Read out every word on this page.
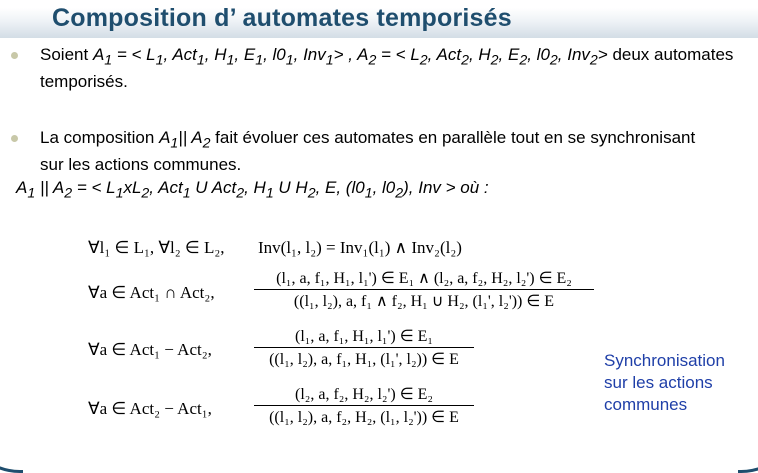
Composition d’ automates temporisés
Soient $A_1$ = < $L_1$, Act$_1$, $H_1$, $E_1$, $l0_1$, Inv$_1$> , $A_2$ = < $L_2$, Act$_2$, $H_2$, $E_2$, $l0_2$, Inv$_2$> deux automates temporisés.
La composition $A_1||$ $A_2$ fait évoluer ces automates en parallèle tout en se synchronisant sur les actions communes.
$A_1$ || $A_2$ = < $L_1xL_2$, Act$_1$ U Act$_2$, $H_1$ U $H_2$, E, ($l0_1$, $l0_2$), Inv > où :
∀l₁ ∈ L₁, ∀l₂ ∈ L₂, Inv(l₁, l₂) = Inv₁(l₁) ∧ Inv₂(l₂)
∀a ∈ Act₁ ∩ Act₂, $\frac{\text{(l₁, a, f₁, H₁, l₁') ∈ E₁ ∧ (l₂, a, f₂, H₂, l₂') ∈ E₂}}{\text{((l₁, l₂), a, f₁ ∧ f₂, H₁ ∪ H₂, (l₁', l₂')) ∈ E}}$
∀a ∈ Act₁ − Act₂,	$\frac{\text{(l₁, a, f₁, H₁, l₁') ∈ E₁}}{\text{((l₁, l₂), a, f₁, H₁, (l₁', l₂)) ∈ E}}$
∀a ∈ Act₂ − Act₁,	$\frac{\text{(l₂, a, f₂, H₂, l₂') ∈ E₂}}{\text{((l₁, l₂), a, f₂, H₂, (l₁, l₂')) ∈ E}}$
Synchronisation
sur les actions
communes
